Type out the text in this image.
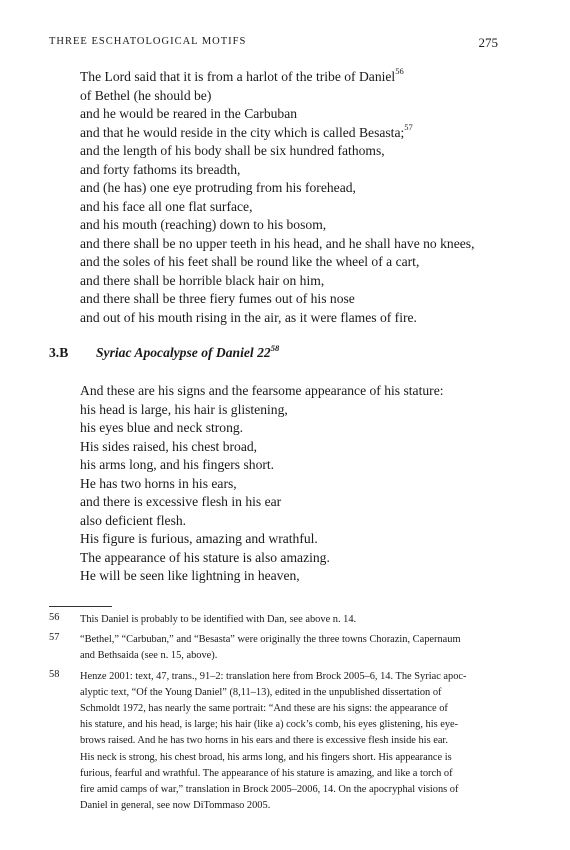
THREE ESCHATOLOGICAL MOTIFS	275
The Lord said that it is from a harlot of the tribe of Daniel$^{56}$
of Bethel (he should be)
and he would be reared in the Carbuban
and that he would reside in the city which is called Besasta;$^{57}$
and the length of his body shall be six hundred fathoms,
and forty fathoms its breadth,
and (he has) one eye protruding from his forehead,
and his face all one flat surface,
and his mouth (reaching) down to his bosom,
and there shall be no upper teeth in his head, and he shall have no knees,
and the soles of his feet shall be round like the wheel of a cart,
and there shall be horrible black hair on him,
and there shall be three fiery fumes out of his nose
and out of his mouth rising in the air, as it were flames of fire.
3.B Syriac Apocalypse of Daniel $22^{58}$
And these are his signs and the fearsome appearance of his stature:
his head is large, his hair is glistening,
his eyes blue and neck strong.
His sides raised, his chest broad,
his arms long, and his fingers short.
He has two horns in his ears,
and there is excessive flesh in his ear
also deficient flesh.
His figure is furious, amazing and wrathful.
The appearance of his stature is also amazing.
He will be seen like lightning in heaven,
56 This Daniel is probably to be identified with Dan, see above n. 14.
57 “Bethel,” “Carbuban,” and “Besasta” were originally the three towns Chorazin, Capernaum
and Bethsaida (see n. 15, above).
58 Henze 2001: text, 47, trans., 91–2: translation here from Brock 2005–6, 14. The Syriac apoc-
alyptic text, “Of the Young Daniel” (8,11–13), edited in the unpublished dissertation of
Schmoldt 1972, has nearly the same portrait: “And these are his signs: the appearance of
his stature, and his head, is large; his hair (like a) cock’s comb, his eyes glistening, his eye-
brows raised. And he has two horns in his ears and there is excessive flesh inside his ear.
His neck is strong, his chest broad, his arms long, and his fingers short. His appearance is
furious, fearful and wrathful. The appearance of his stature is amazing, and like a torch of
fire amid camps of war,” translation in Brock 2005–2006, 14. On the apocryphal visions of
Daniel in general, see now DiTommaso 2005.
